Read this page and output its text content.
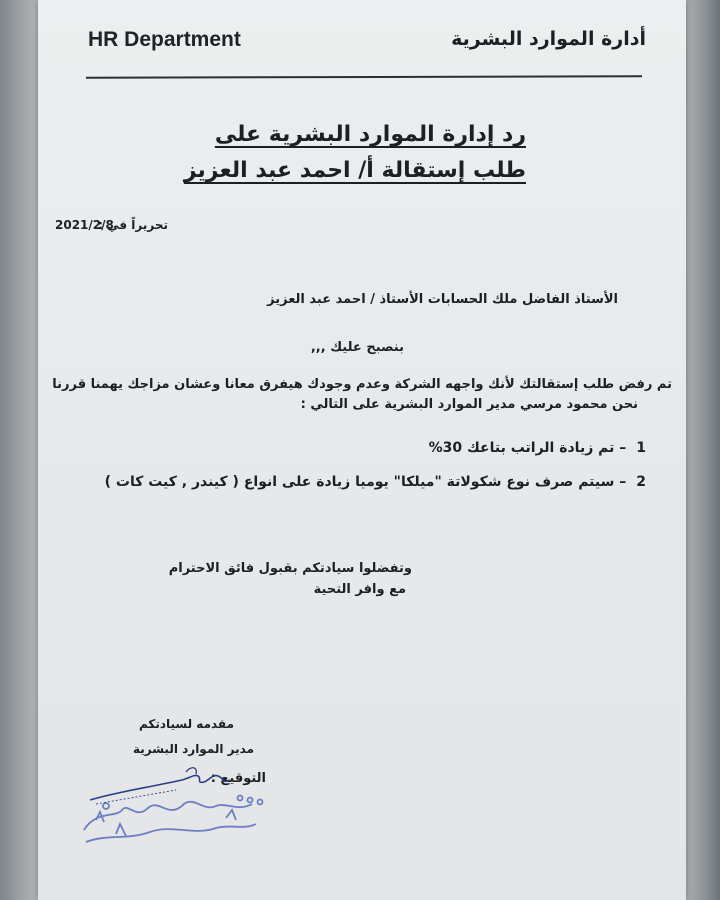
HR Department	أدارة الموارد البشرية
رد إدارة الموارد البشرية على
طلب إستقالة أ/ احمد عبد العزيز
تحريراً في :
2021/2/8
الأستاذ الفاضل ملك الحسابات الأستاذ / احمد عبد العزيز
بنصبح عليك ,,,
تم رفض طلب إستقالتك لأنك واجهه الشركة وعدم وجودك هيفرق معانا وعشان مزاجك يهمنا قررنا
نحن محمود مرسي مدير الموارد البشرية على التالي :
1– تم زيادة الراتب بتاعك 30%
2– سيتم صرف نوع شكولاتة "ميلكا" يوميا زيادة على انواع ( كيندر , كيت كات )
وتفضلوا سيادتكم بقبول فائق الاحترام
مع وافر التحية
مقدمه لسيادتكم
مدير الموارد البشرية
التوقيع :
